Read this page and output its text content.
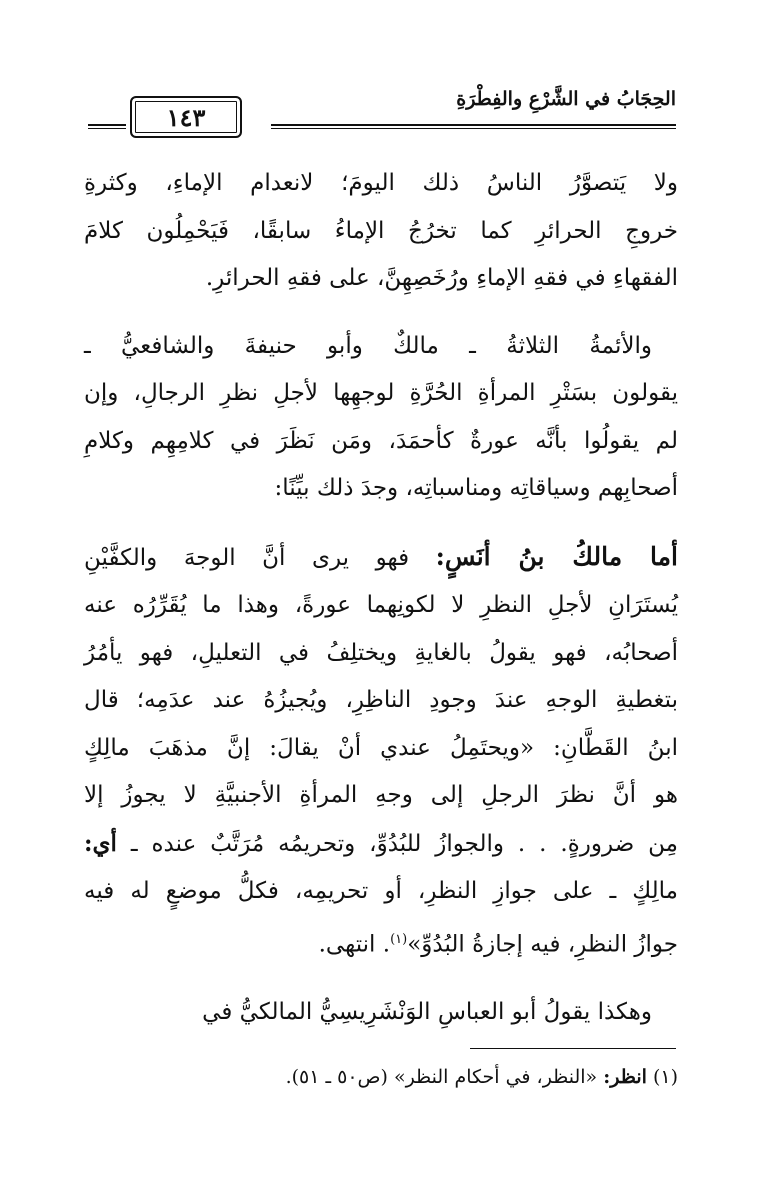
الحِجَابُ في الشَّرْعِ والفِطْرَةِ
١٤٣

ولا يَتصوَّرُ الناسُ ذلك اليومَ؛ لانعدام الإماءِ، وكثرةِ

خروجِ الحرائرِ كما تخرُجُ الإماءُ سابقًا، فَيَحْمِلُون كلامَ

الفقهاءِ في فقهِ الإماءِ ورُخَصِهِنَّ، على فقهِ الحرائرِ.

والأئمةُ الثلاثةُ ـ مالكٌ وأبو حنيفةَ والشافعيُّ ـ

يقولون بسَتْرِ المرأةِ الحُرَّةِ لوجهِها لأجلِ نظرِ الرجالِ، وإن

لم يقولُوا بأنَّه عورةٌ كأحمَدَ، ومَن نَظَرَ في كلامِهِم وكلامِ

أصحابِهم وسياقاتِه ومناسباتِه، وجدَ ذلك بيِّنًا:

أما مالكُ بنُ أنَسٍ: فهو يرى أنَّ الوجهَ والكفَّيْنِ

يُستَرَانِ لأجلِ النظرِ لا لكونِهما عورةً، وهذا ما يُقَرِّرُه عنه

أصحابُه، فهو يقولُ بالغايةِ ويختلِفُ في التعليلِ، فهو يأمُرُ

بتغطيةِ الوجهِ عندَ وجودِ الناظِرِ، ويُجيزُهُ عند عدَمِه؛ قال

ابنُ القَطَّانِ: «ويحتَمِلُ عندي أنْ يقالَ: إنَّ مذهَبَ مالِكٍ

هو أنَّ نظرَ الرجلِ إلى وجهِ المرأةِ الأجنبيَّةِ لا يجوزُ إلا

مِن ضرورةٍ. . . والجوازُ للبُدُوِّ، وتحريمُه مُرَتَّبٌ عنده ـ أي:

مالِكٍ ـ على جوازِ النظرِ، أو تحريمِه، فكلُّ موضعٍ له فيه

جوازُ النظرِ، فيه إجازةُ البُدُوِّ»$^{(١)}$. انتهى.

وهكذا يقولُ أبو العباسِ الوَنْشَرِيسِيُّ المالكيُّ في

(١) انظر: «النظر، في أحكام النظر» (ص٥٠ ـ ٥١).
